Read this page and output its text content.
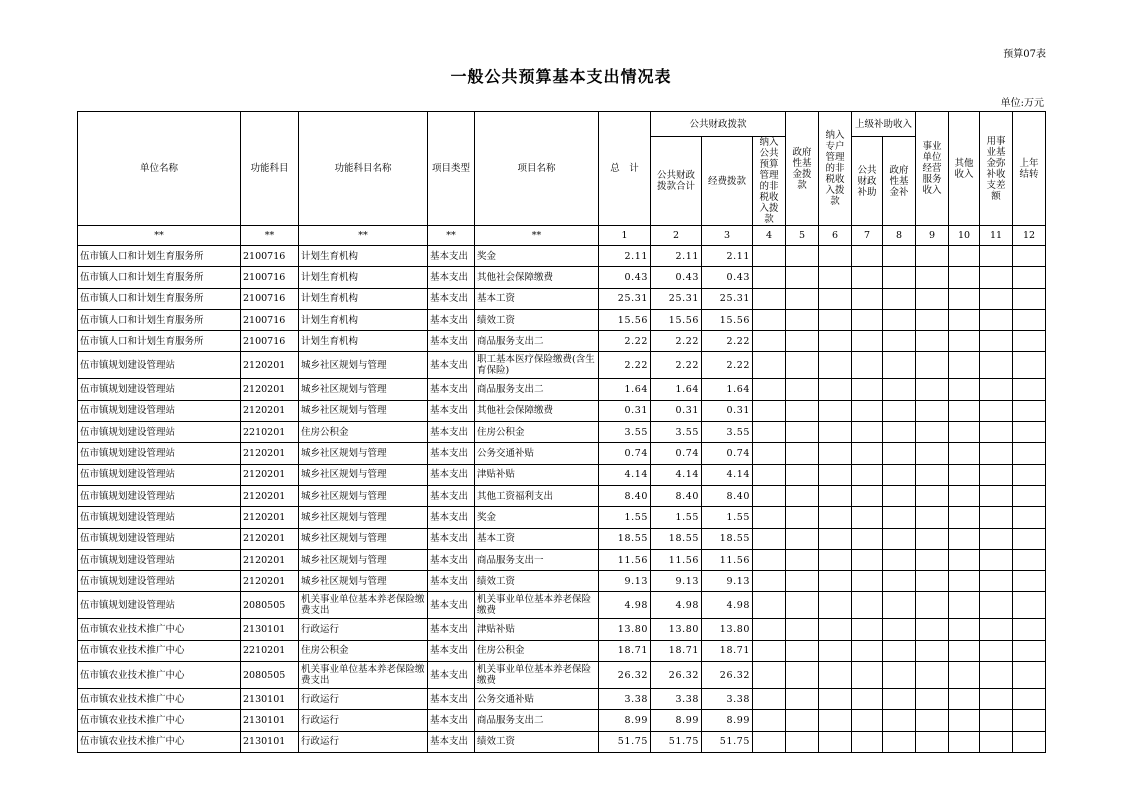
预算07表
一般公共预算基本支出情况表
单位:万元
单位名称	功能科目	功能科目名称	项目类型	项目名称	总　计	公共财政拨款			政府性基金拨款	纳入专户管理的非税收入拨款	上级补助收入		事业单位经营服务收入	其他收入	用事业基金弥补收支差额	上年结转
						公共财政拨款合计	经费拨款	纳入公共预算管理的非税收入拨款			公共财政补助	政府性基金补				
**	**	**	**	**	1	2	3	4	5	6	7	8	9	10	11	12
伍市镇人口和计划生育服务所	2100716	计划生育机构	基本支出	奖金	2.11	2.11	2.11									
伍市镇人口和计划生育服务所	2100716	计划生育机构	基本支出	其他社会保障缴费	0.43	0.43	0.43									
伍市镇人口和计划生育服务所	2100716	计划生育机构	基本支出	基本工资	25.31	25.31	25.31									
伍市镇人口和计划生育服务所	2100716	计划生育机构	基本支出	绩效工资	15.56	15.56	15.56									
伍市镇人口和计划生育服务所	2100716	计划生育机构	基本支出	商品服务支出二	2.22	2.22	2.22									
伍市镇规划建设管理站	2120201	城乡社区规划与管理	基本支出	职工基本医疗保险缴费(含生育保险)	2.22	2.22	2.22									
伍市镇规划建设管理站	2120201	城乡社区规划与管理	基本支出	商品服务支出二	1.64	1.64	1.64									
伍市镇规划建设管理站	2120201	城乡社区规划与管理	基本支出	其他社会保障缴费	0.31	0.31	0.31									
伍市镇规划建设管理站	2210201	住房公积金	基本支出	住房公积金	3.55	3.55	3.55									
伍市镇规划建设管理站	2120201	城乡社区规划与管理	基本支出	公务交通补贴	0.74	0.74	0.74									
伍市镇规划建设管理站	2120201	城乡社区规划与管理	基本支出	津贴补贴	4.14	4.14	4.14									
伍市镇规划建设管理站	2120201	城乡社区规划与管理	基本支出	其他工资福利支出	8.40	8.40	8.40									
伍市镇规划建设管理站	2120201	城乡社区规划与管理	基本支出	奖金	1.55	1.55	1.55									
伍市镇规划建设管理站	2120201	城乡社区规划与管理	基本支出	基本工资	18.55	18.55	18.55									
伍市镇规划建设管理站	2120201	城乡社区规划与管理	基本支出	商品服务支出一	11.56	11.56	11.56									
伍市镇规划建设管理站	2120201	城乡社区规划与管理	基本支出	绩效工资	9.13	9.13	9.13									
伍市镇规划建设管理站	2080505	机关事业单位基本养老保险缴费支出	基本支出	机关事业单位基本养老保险缴费	4.98	4.98	4.98									
伍市镇农业技术推广中心	2130101	行政运行	基本支出	津贴补贴	13.80	13.80	13.80									
伍市镇农业技术推广中心	2210201	住房公积金	基本支出	住房公积金	18.71	18.71	18.71									
伍市镇农业技术推广中心	2080505	机关事业单位基本养老保险缴费支出	基本支出	机关事业单位基本养老保险缴费	26.32	26.32	26.32									
伍市镇农业技术推广中心	2130101	行政运行	基本支出	公务交通补贴	3.38	3.38	3.38									
伍市镇农业技术推广中心	2130101	行政运行	基本支出	商品服务支出二	8.99	8.99	8.99									
伍市镇农业技术推广中心	2130101	行政运行	基本支出	绩效工资	51.75	51.75	51.75									
